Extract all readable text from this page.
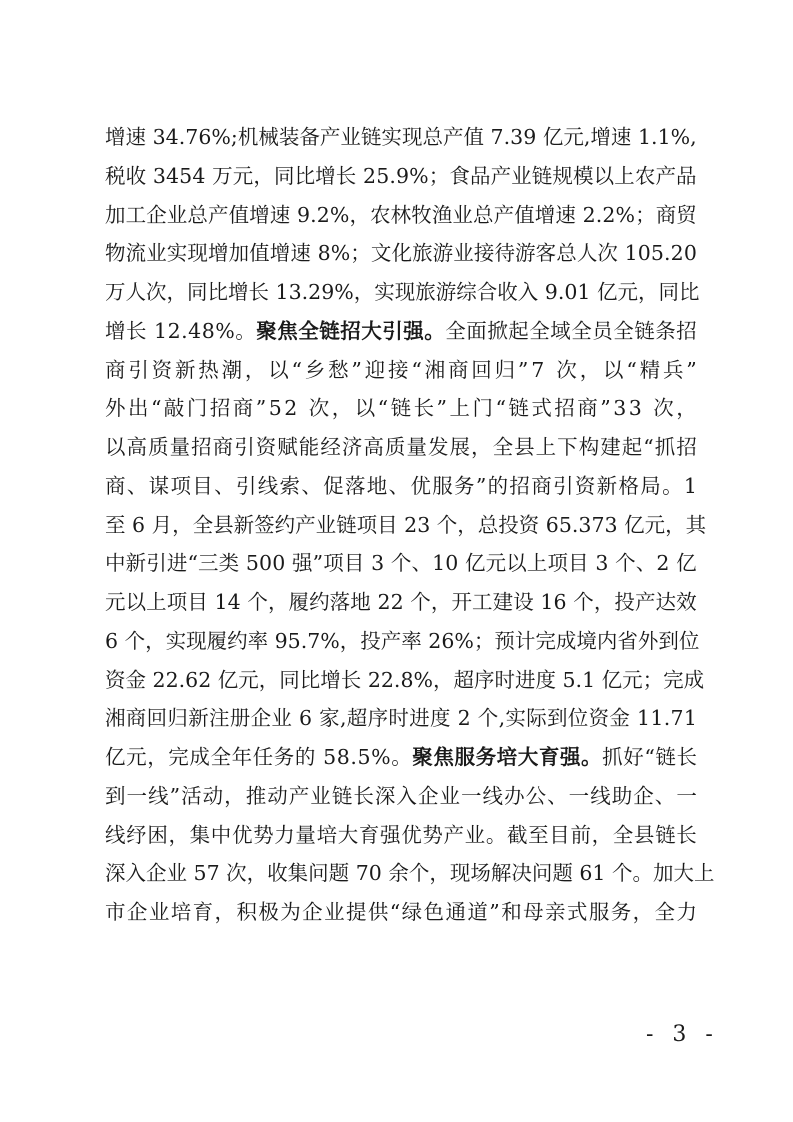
增 速
3 4 . 7 6 % ; 机 械 装 备 产 业 链 实 现 总 产 值
7 . 3 9
亿 元 , 增 速
1 . 1 % ,
税 收
3 4 5 4
万 元 ， 同 比 增 长
2 5 . 9 % ； 食 品 产 业 链 规 模 以 上 农 产 品
加 工 企 业 总 产 值 增 速
9 . 2 % ， 农 林 牧 渔 业 总 产 值 增 速
2 . 2 % ； 商 贸
物 流 业 实 现 增 加 值 增 速
8 % ； 文 化 旅 游 业 接 待 游 客 总 人 次
1 0 5 . 2 0
万 人 次 ， 同 比 增 长
1 3 . 2 9 % ， 实 现 旅 游 综 合 收 入
9 . 0 1
亿 元 ， 同 比
增 长
1 2 . 4 8 % 。 聚 焦 全 链 招 大 引 强 。 全 面 掀 起 全 域 全 员 全 链 条 招
商 引 资 新 热 潮 ， 以 “ 乡 愁 ” 迎 接 “ 湘 商 回 归 ” 7
次 ， 以 “ 精 兵 ”
外 出 “ 敲 门 招 商 ” 5 2
次 ， 以 “ 链 长 ” 上 门 “ 链 式 招 商 ” 3 3
次 ，
以 高 质 量 招 商 引 资 赋 能 经 济 高 质 量 发 展 ， 全 县 上 下 构 建 起 “ 抓 招
商 、 谋 项 目 、 引 线 索 、 促 落 地 、 优 服 务 ” 的 招 商 引 资 新 格 局 。 1
至
6
月 ， 全 县 新 签 约 产 业 链 项 目
2 3
个 ， 总 投 资
6 5 . 3 7 3
亿 元 ， 其
中 新 引 进 “ 三 类
5 0 0
强 ” 项 目
3
个 、 1 0
亿 元 以 上 项 目
3
个 、 2
亿
元 以 上 项 目
1 4
个 ， 履 约 落 地
2 2
个 ， 开 工 建 设
1 6
个 ， 投 产 达 效
6
个 ， 实 现 履 约 率
9 5 . 7 % ， 投 产 率
2 6 % ； 预 计 完 成 境 内 省 外 到 位
资 金
2 2 . 6 2
亿 元 ， 同 比 增 长
2 2 . 8 % ， 超 序 时 进 度
5 . 1
亿 元 ； 完 成
湘 商 回 归 新 注 册 企 业
6
家 , 超 序 时 进 度
2
个 , 实 际 到 位 资 金
1 1 . 7 1
亿 元 ， 完 成 全 年 任 务 的
5 8 . 5 % 。 聚 焦 服 务 培 大 育 强 。 抓 好 “ 链 长
到 一 线 ” 活 动 ， 推 动 产 业 链 长 深 入 企 业 一 线 办 公 、 一 线 助 企 、 一
线 纾 困 ， 集 中 优 势 力 量 培 大 育 强 优 势 产 业 。 截 至 目 前 ， 全 县 链 长
深 入 企 业
5 7
次 ， 收 集 问 题
7 0
余 个 ， 现 场 解 决 问 题
6 1
个 。 加 大 上
市 企 业 培 育 ， 积 极 为 企 业 提 供 “ 绿 色 通 道 ” 和 母 亲 式 服 务 ， 全 力
- 3 -
